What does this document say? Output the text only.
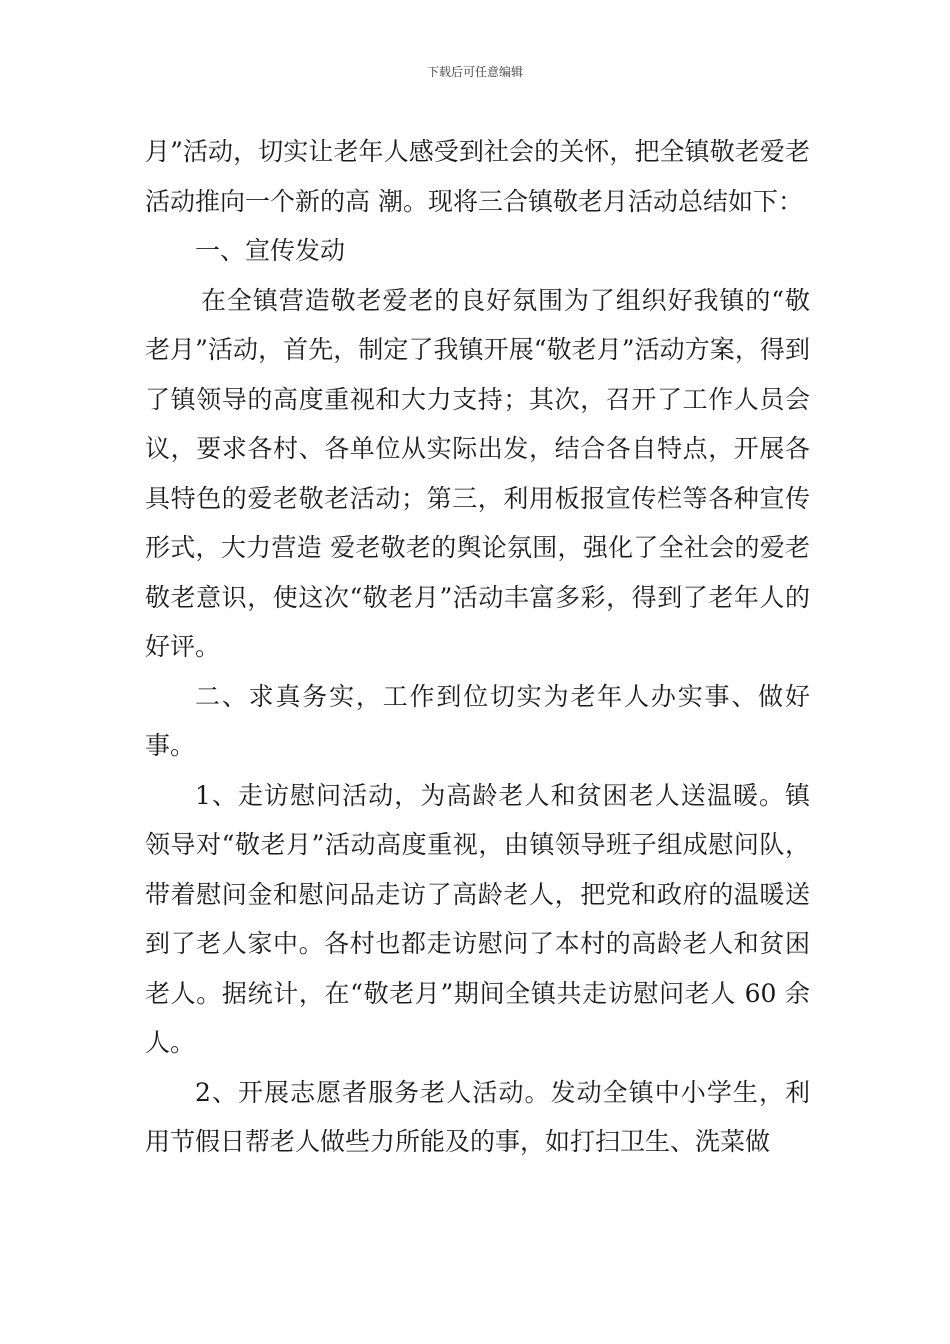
下载后可任意编辑

月”活动，切实让老年人感受到社会的关怀，把全镇敬老爱老活动推向一个新的高 潮。现将三合镇敬老月活动总结如下：

一、宣传发动

在全镇营造敬老爱老的良好氛围为了组织好我镇的“敬老月”活动，首先，制定了我镇开展“敬老月”活动方案，得到了镇领导的高度重视和大力支持；其次，召开了工作人员会议，要求各村、各单位从实际出发，结合各自特点，开展各具特色的爱老敬老活动；第三，利用板报宣传栏等各种宣传形式，大力营造 爱老敬老的舆论氛围，强化了全社会的爱老敬老意识，使这次“敬老月”活动丰富多彩，得到了老年人的好评。

二、求真务实，工作到位切实为老年人办实事、做好事。

1、走访慰问活动，为高龄老人和贫困老人送温暖。镇领导对“敬老月”活动高度重视，由镇领导班子组成慰问队，带着慰问金和慰问品走访了高龄老人，把党和政府的温暖送到了老人家中。各村也都走访慰问了本村的高龄老人和贫困老人。据统计，在“敬老月”期间全镇共走访慰问老人 60 余人。

2、开展志愿者服务老人活动。发动全镇中小学生，利用节假日帮老人做些力所能及的事，如打扫卫生、洗菜做
